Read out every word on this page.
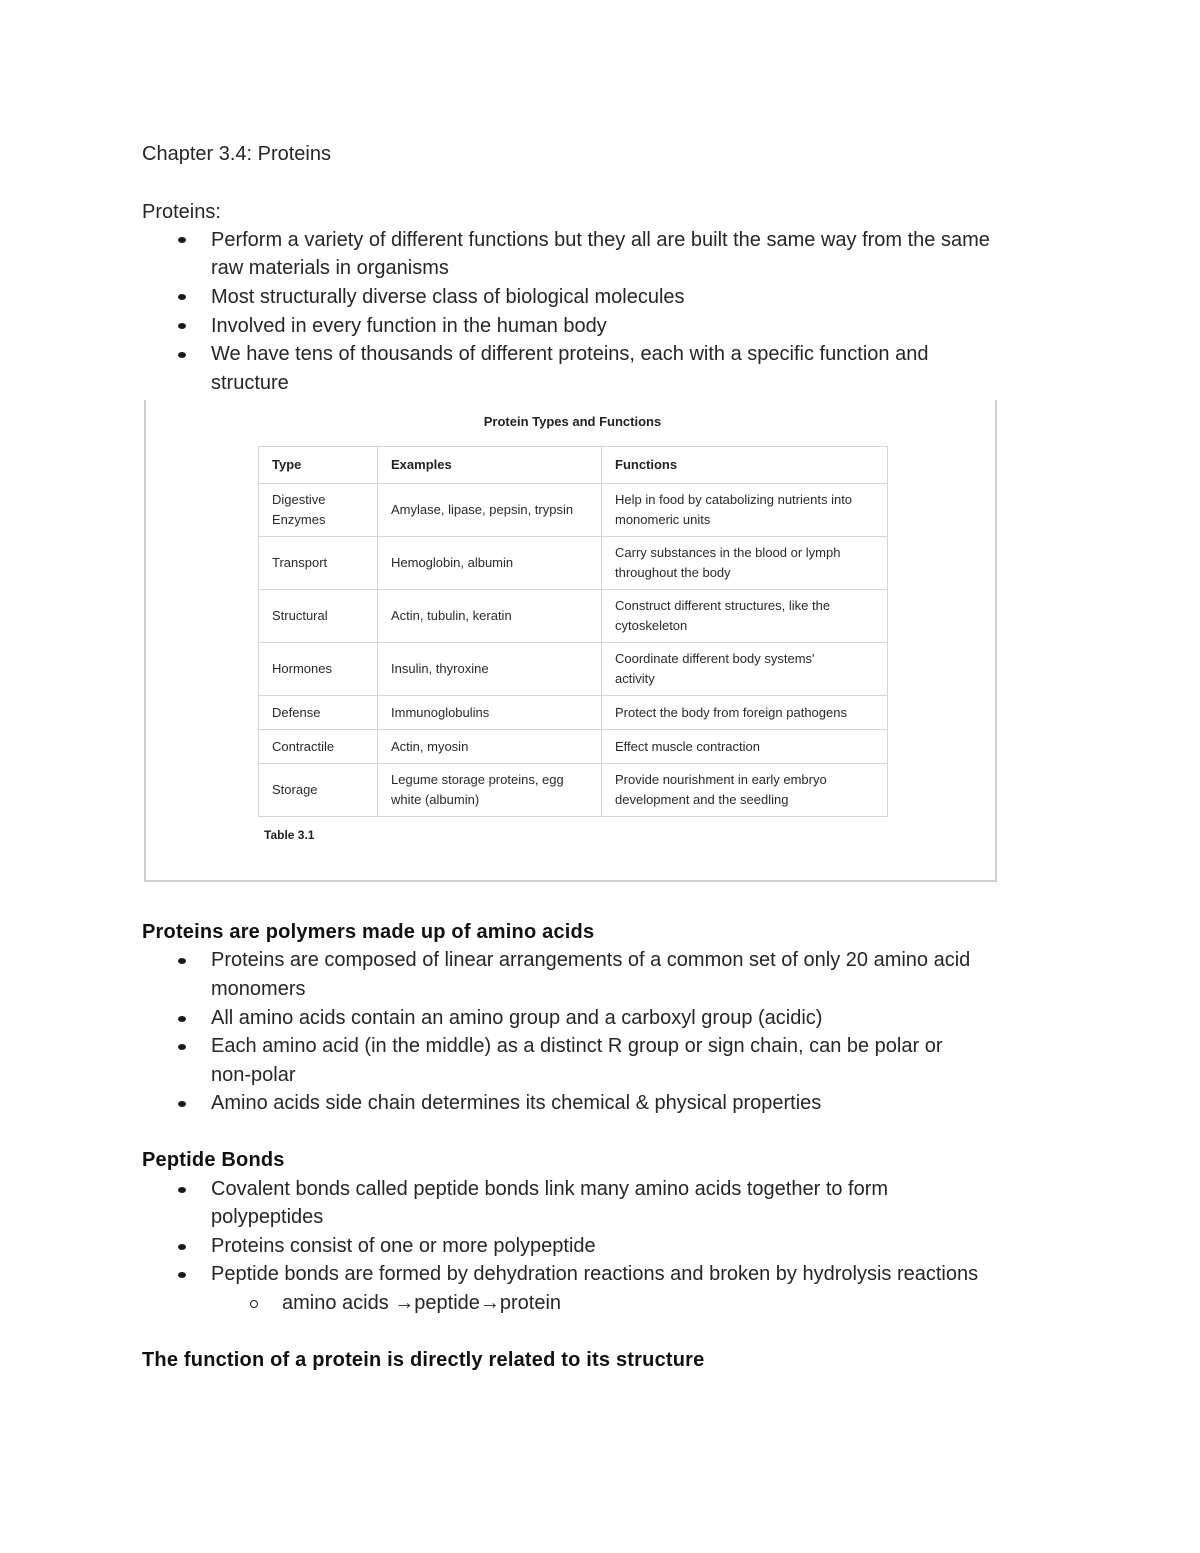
Chapter 3.4: Proteins
Proteins:
Perform a variety of different functions but they all are built the same way from the same
raw materials in organisms
Most structurally diverse class of biological molecules
Involved in every function in the human body
We have tens of thousands of different proteins, each with a specific function and
structure
Protein Types and Functions
Type	Examples	Functions
Digestive
Enzymes	Amylase, lipase, pepsin, trypsin	Help in food by catabolizing nutrients into
monomeric units
Transport	Hemoglobin, albumin	Carry substances in the blood or lymph
throughout the body
Structural	Actin, tubulin, keratin	Construct different structures, like the
cytoskeleton
Hormones	Insulin, thyroxine	Coordinate different body systems'
activity
Defense	Immunoglobulins	Protect the body from foreign pathogens
Contractile	Actin, myosin	Effect muscle contraction
Storage	Legume storage proteins, egg
white (albumin)	Provide nourishment in early embryo
development and the seedling
Table 3.1
Proteins are polymers made up of amino acids
Proteins are composed of linear arrangements of a common set of only 20 amino acid
monomers
All amino acids contain an amino group and a carboxyl group (acidic)
Each amino acid (in the middle) as a distinct R group or sign chain, can be polar or
non-polar
Amino acids side chain determines its chemical & physical properties
Peptide Bonds
Covalent bonds called peptide bonds link many amino acids together to form
polypeptides
Proteins consist of one or more polypeptide
Peptide bonds are formed by dehydration reactions and broken by hydrolysis reactions
amino acids →peptide→protein
The function of a protein is directly related to its structure
